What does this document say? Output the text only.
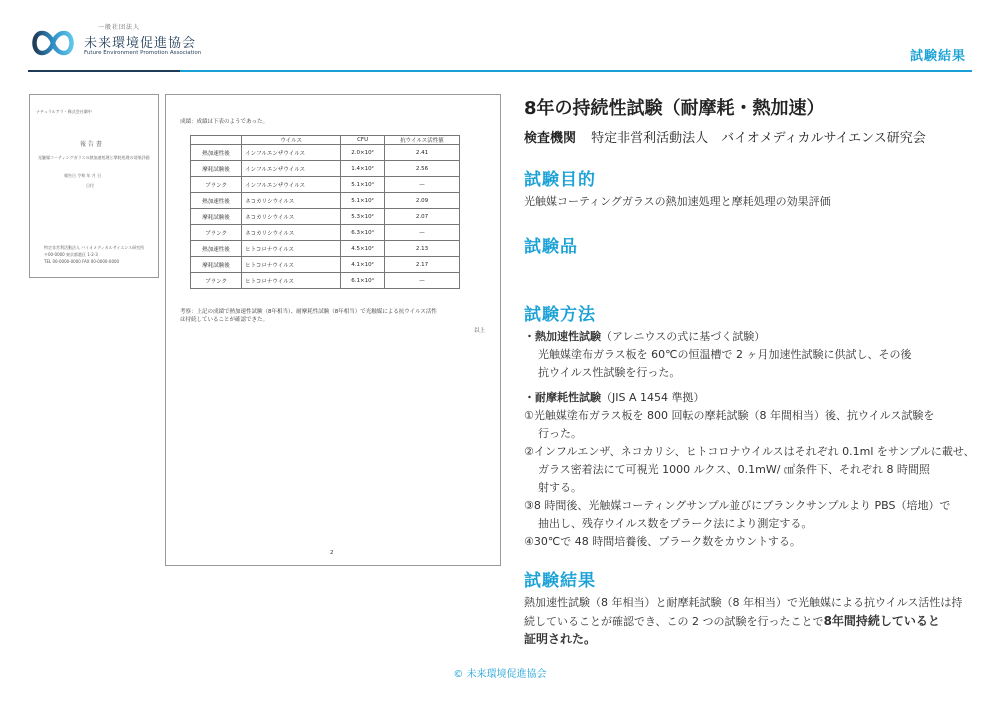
一般社団法人
未来環境促進協会
Future Environment Promotion Association	試験結果
ナチュラルアラ・株式会社御中
報 告 書
光触媒コーティングガラスの熱加速処理と摩耗処理の効果評価
報告日 令和 年 月 日
日付
特定非営利活動法人 バイオメディカルサイエンス研究所
〒00-0000 東京都港区 1-2-3
TEL 00-0000-0000 FAX 00-0000-0000
成績：成績は下表のようであった。
	ウイルス	CFU	抗ウイルス活性値
熱加速性後	インフルエンザウイルス	2.0×10²	2.41
摩耗試験後	インフルエンザウイルス	1.4×10²	2.56
ブランク	インフルエンザウイルス	5.1×10⁴	—
熱加速性後	ネコカリシウイルス	5.1×10²	2.09
摩耗試験後	ネコカリシウイルス	5.3×10²	2.07
ブランク	ネコカリシウイルス	6.3×10⁴	—
熱加速性後	ヒトコロナウイルス	4.5×10²	2.13
摩耗試験後	ヒトコロナウイルス	4.1×10²	2.17
ブランク	ヒトコロナウイルス	6.1×10⁴	—
考察：上記の成績で熱加速性試験（8年相当）、耐摩耗性試験（8年相当）で光触媒による抗ウイルス活性
は持続していることが確認できた。
以上
2
8年の持続性試験（耐摩耗・熱加速）
検査機関 特定非営利活動法人　バイオメディカルサイエンス研究会
試験目的
光触媒コーティングガラスの熱加速処理と摩耗処理の効果評価
試験品
試験方法
・熱加速性試験（アレニウスの式に基づく試験）
光触媒塗布ガラス板を 60℃の恒温槽で 2 ヶ月加速性試験に供試し、その後
抗ウイルス性試験を行った。
・耐摩耗性試験（JIS A 1454 準拠）
①光触媒塗布ガラス板を 800 回転の摩耗試験（8 年間相当）後、抗ウイルス試験を
行った。
②インフルエンザ、ネコカリシ、ヒトコロナウイルスはそれぞれ 0.1ml をサンプルに載せ、
ガラス密着法にて可視光 1000 ルクス、0.1mW/ ㎠条件下、それぞれ 8 時間照
射する。
③8 時間後、光触媒コーティングサンプル並びにブランクサンプルより PBS（培地）で
抽出し、残存ウイルス数をプラーク法により測定する。
④30℃で 48 時間培養後、プラーク数をカウントする。
試験結果
熱加速性試験（8 年相当）と耐摩耗試験（8 年相当）で光触媒による抗ウイルス活性は持
続していることが確認でき、この 2 つの試験を行ったことで8年間持続していると
証明された。
© 未来環境促進協会
